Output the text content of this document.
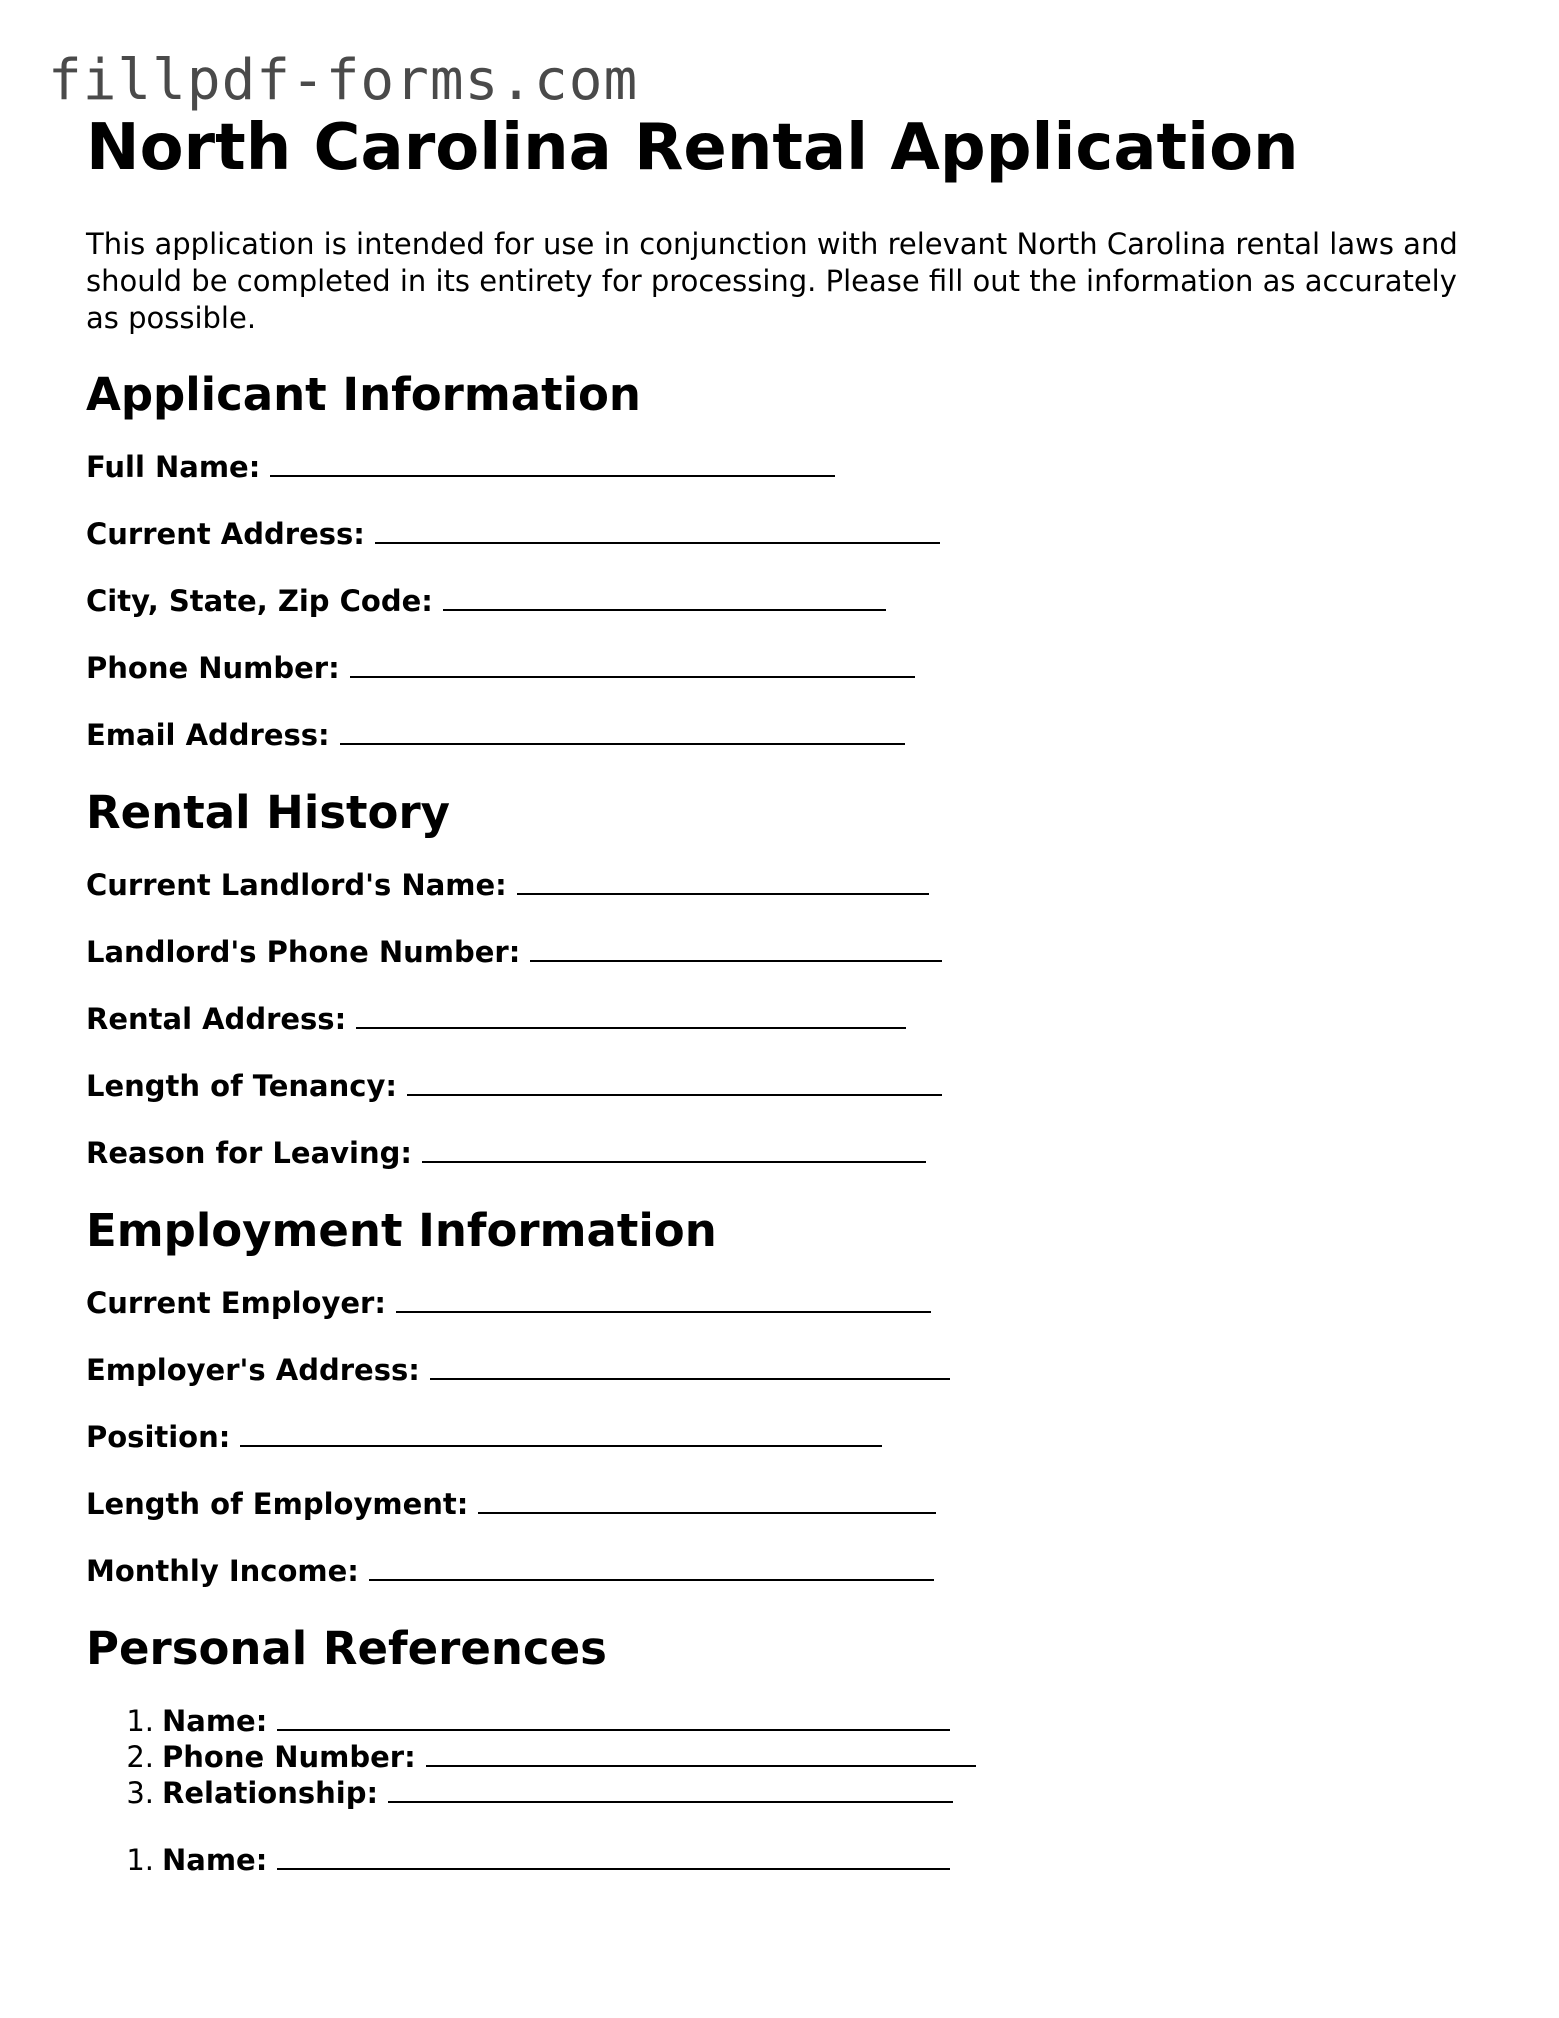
fillpdf-forms.com
North Carolina Rental Application

This application is intended for use in conjunction with relevant North Carolina rental laws and should be completed in its entirety for processing. Please fill out the information as accurately as possible.

Applicant Information
Full Name:
Current Address:
City, State, Zip Code:
Phone Number:
Email Address:
Rental History
Current Landlord's Name:
Landlord's Phone Number:
Rental Address:
Length of Tenancy:
Reason for Leaving:
Employment Information
Current Employer:
Employer's Address:
Position:
Length of Employment:
Monthly Income:
Personal References
1. Name:
2. Phone Number:
3. Relationship:
1. Name:
